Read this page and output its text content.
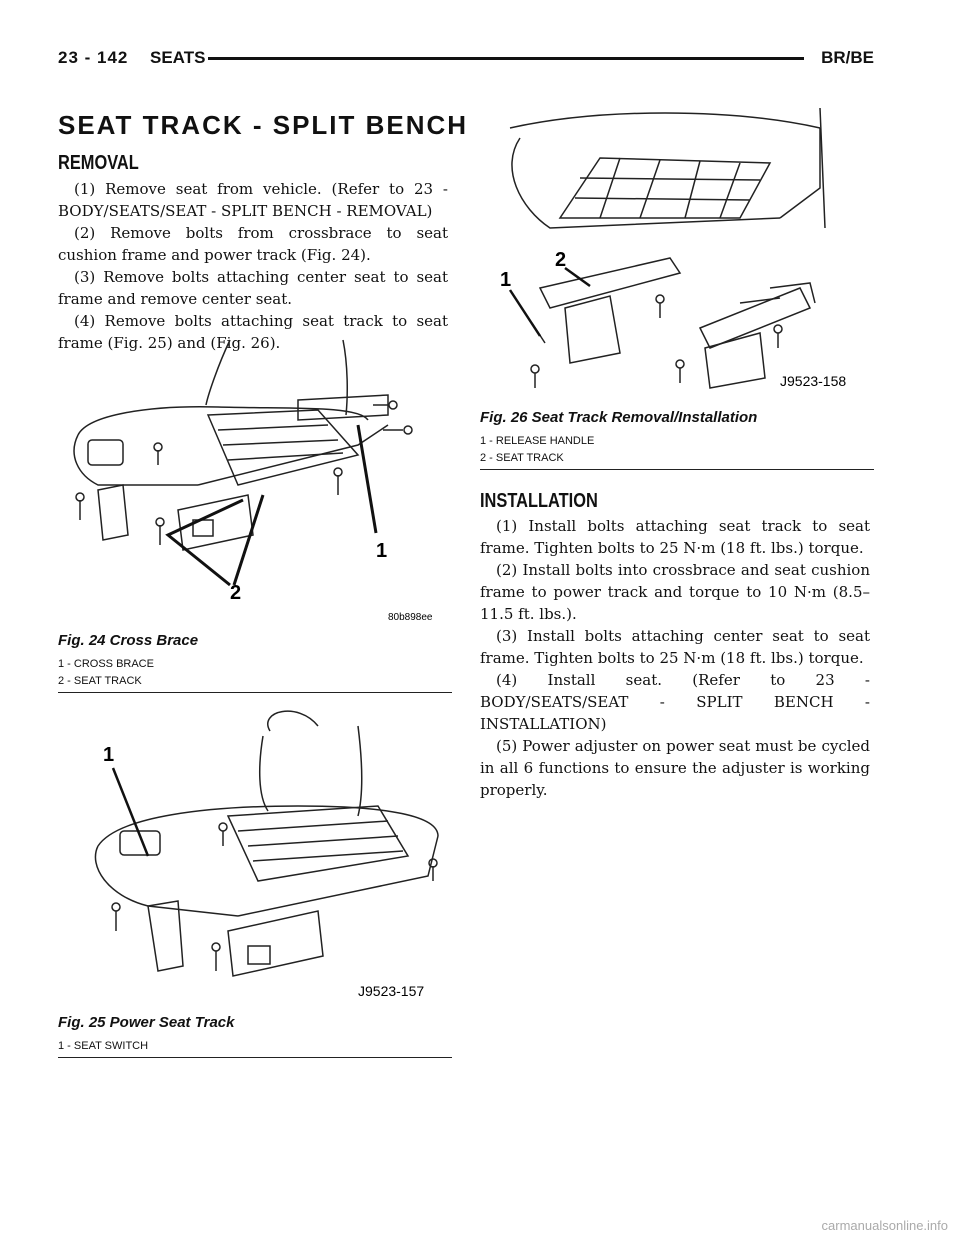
23 - 142 SEATS	BR/BE
SEAT TRACK - SPLIT BENCH
REMOVAL

(1) Remove seat from vehicle. (Refer to 23 - BODY/SEATS/SEAT - SPLIT BENCH - REMOVAL)

(2) Remove bolts from crossbrace to seat cushion frame and power track (Fig. 24).

(3) Remove bolts attaching center seat to seat frame and remove center seat.

(4) Remove bolts attaching seat track to seat frame (Fig. 25) and (Fig. 26).

1
2
80b898ee
Fig. 24 Cross Brace
1 - CROSS BRACE
2 - SEAT TRACK
1
J9523-157
Fig. 25 Power Seat Track
1 - SEAT SWITCH
1
2
J9523-158
Fig. 26 Seat Track Removal/Installation
1 - RELEASE HANDLE
2 - SEAT TRACK
INSTALLATION

(1) Install bolts attaching seat track to seat frame. Tighten bolts to 25 N·m (18 ft. lbs.) torque.

(2) Install bolts into crossbrace and seat cushion frame to power track and torque to 10 N·m (8.5–11.5 ft. lbs.).

(3) Install bolts attaching center seat to seat frame. Tighten bolts to 25 N·m (18 ft. lbs.) torque.

(4) Install seat. (Refer to 23 - BODY/SEATS/SEAT - SPLIT BENCH - INSTALLATION)

(5) Power adjuster on power seat must be cycled in all 6 functions to ensure the adjuster is working properly.

carmanualsonline.info
